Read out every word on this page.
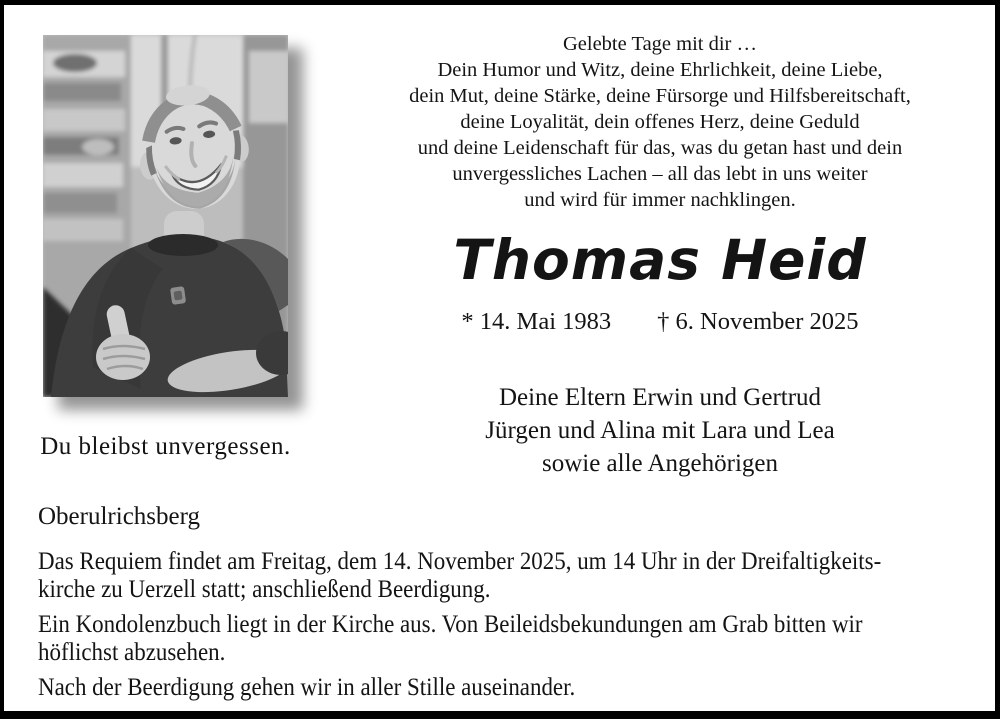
Du bleibst unvergessen.
Gelebte Tage mit dir …
Dein Humor und Witz, deine Ehrlichkeit, deine Liebe,
dein Mut, deine Stärke, deine Fürsorge und Hilfsbereitschaft,
deine Loyalität, dein offenes Herz, deine Geduld
und deine Leidenschaft für das, was du getan hast und dein
unvergessliches Lachen – all das lebt in uns weiter
und wird für immer nachklingen.
Thomas Heid
* 14. Mai 1983 † 6. November 2025
Deine Eltern Erwin und Gertrud
Jürgen und Alina mit Lara und Lea
sowie alle Angehörigen
Oberulrichsberg
Das Requiem findet am Freitag, dem 14. November 2025, um 14 Uhr in der Dreifaltigkeits-
kirche zu Uerzell statt; anschließend Beerdigung.
Ein Kondolenzbuch liegt in der Kirche aus. Von Beileidsbekundungen am Grab bitten wir
höflichst abzusehen.
Nach der Beerdigung gehen wir in aller Stille auseinander.
